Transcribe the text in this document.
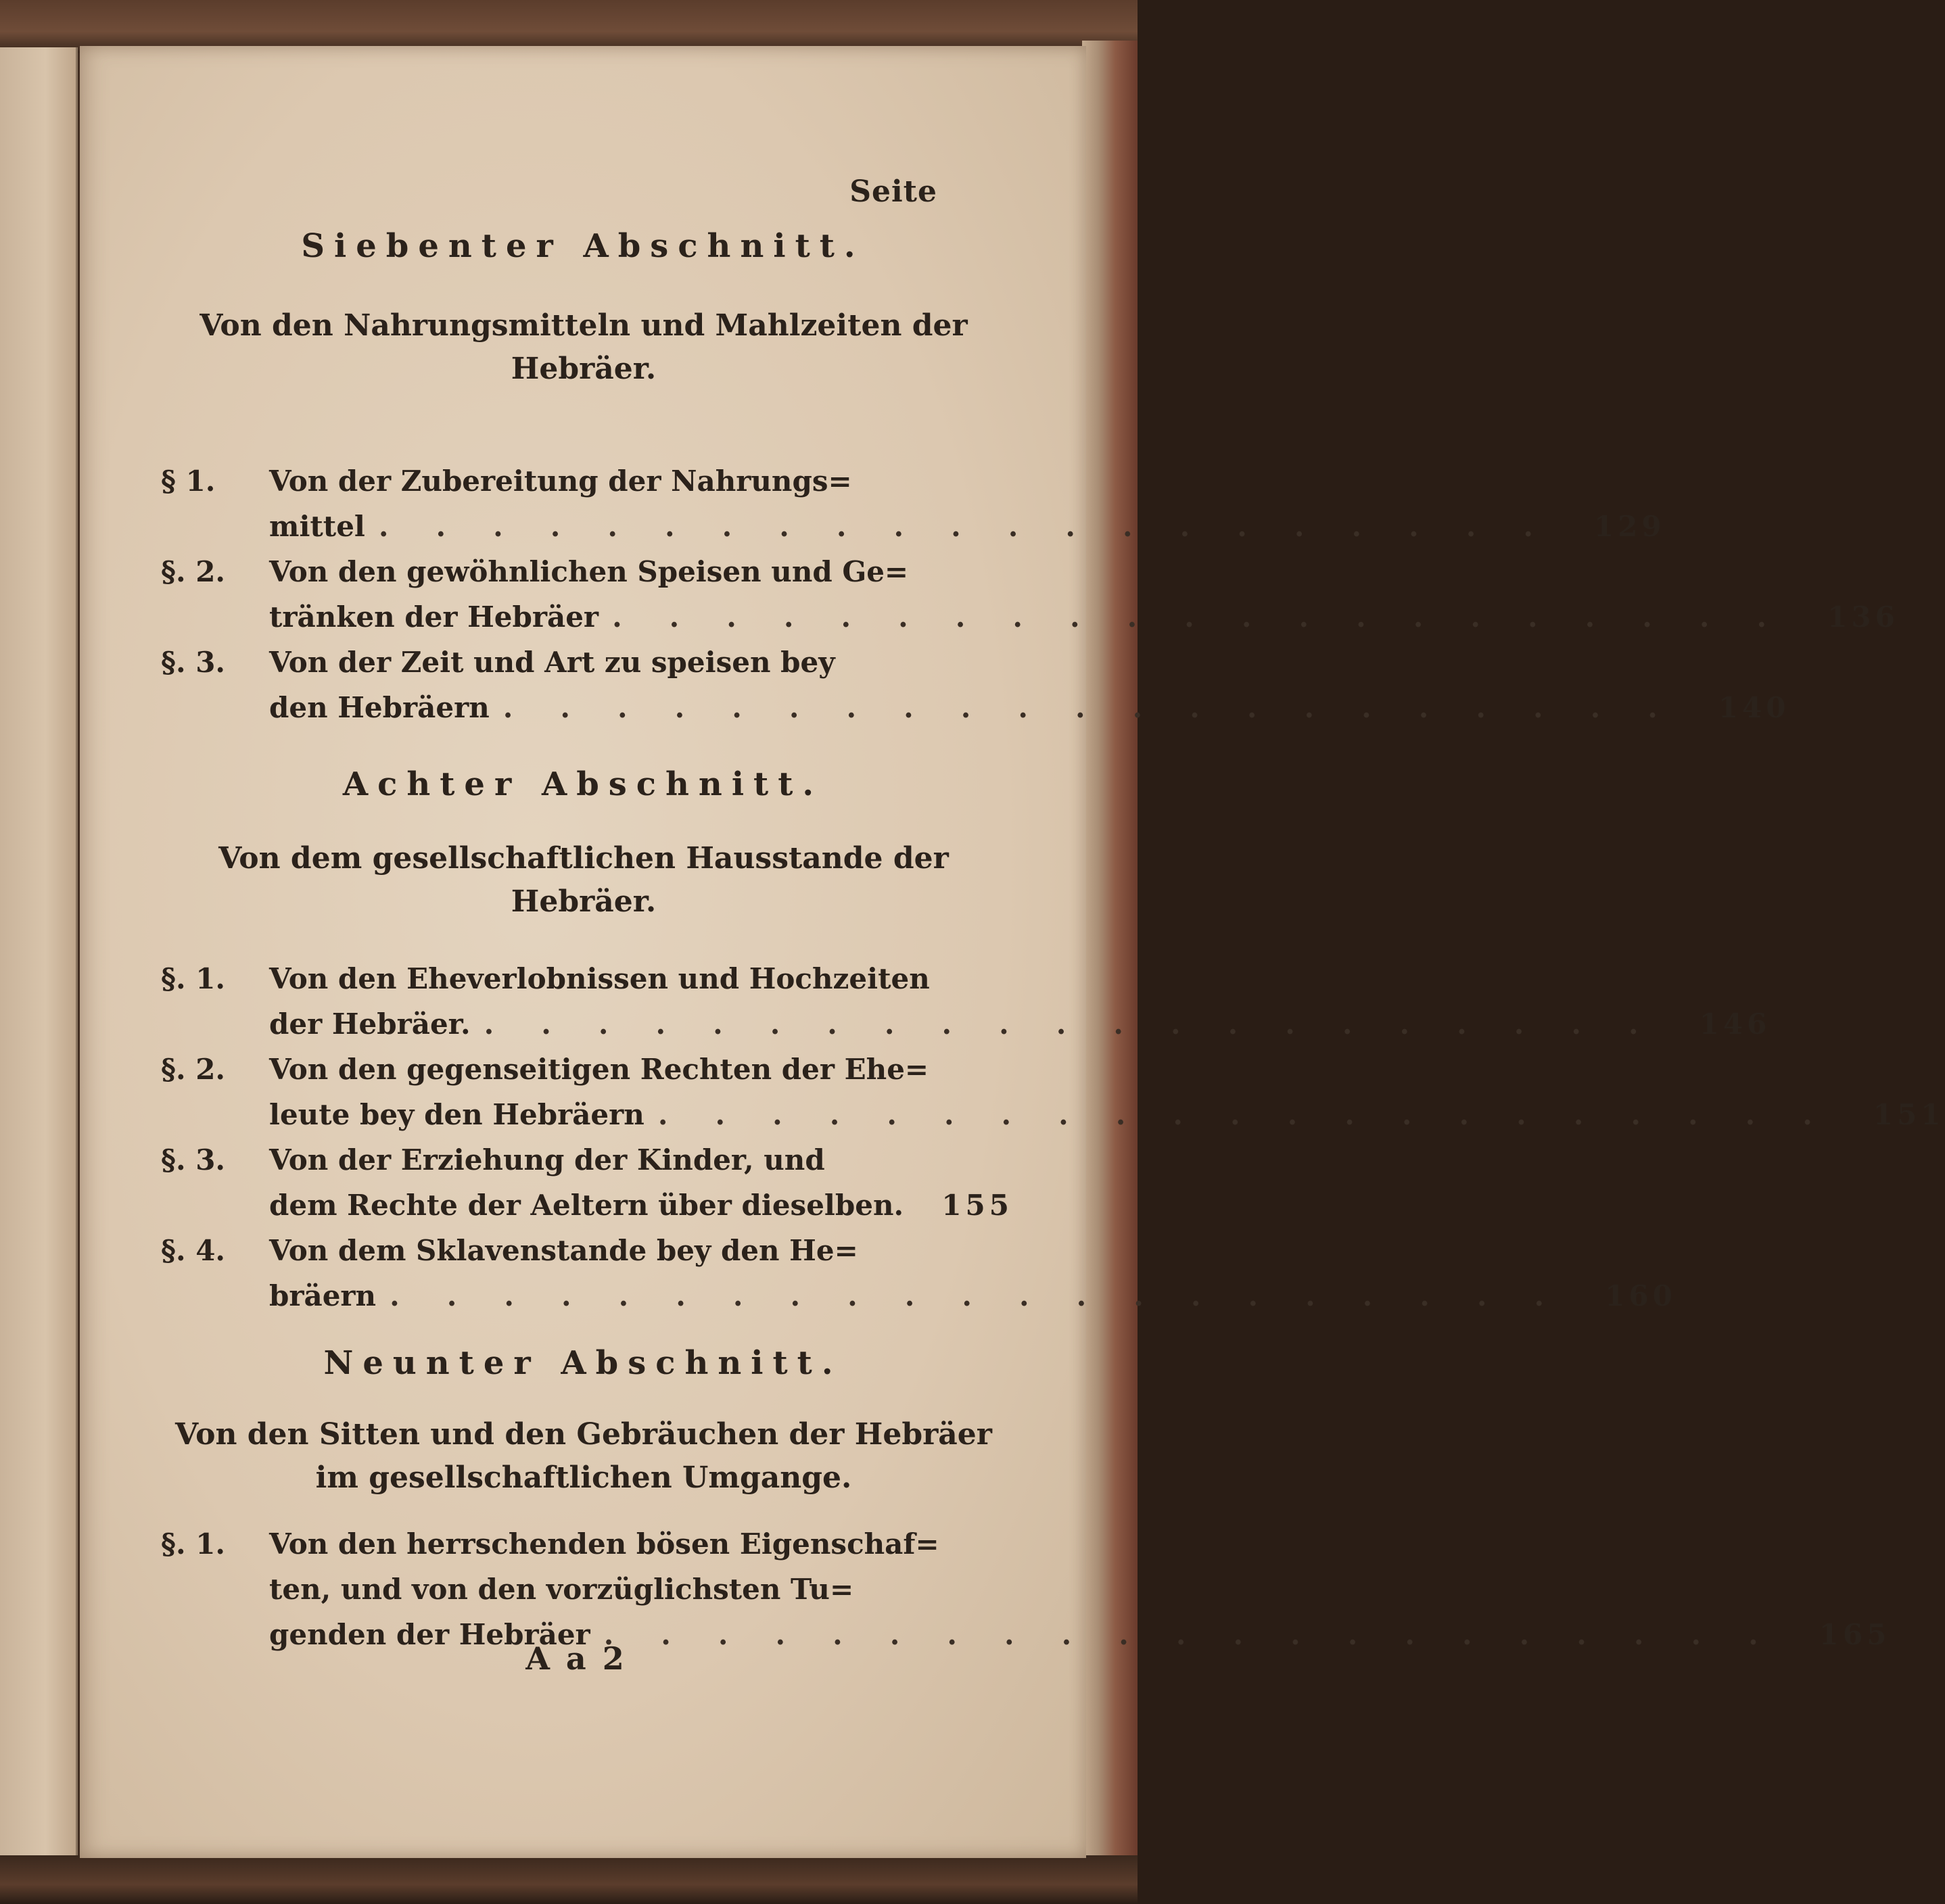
Seite
Siebenter Abschnitt.
Von den Nahrungsmitteln und Mahlzeiten der
Hebräer.
§ 1.	Von der Zubereitung der Nahrungs=
mittel ..................... 129
§. 2.	Von den gewöhnlichen Speisen und Ge=
tränken der Hebräer ..................... 136
§. 3.	Von der Zeit und Art zu speisen bey
den Hebräern ..................... 140
Achter Abschnitt.
Von dem gesellschaftlichen Hausstande der
Hebräer.
§. 1.	Von den Eheverlobnissen und Hochzeiten
der Hebräer. ..................... 146
§. 2.	Von den gegenseitigen Rechten der Ehe=
leute bey den Hebräern ..................... 151
§. 3.	Von der Erziehung der Kinder, und
dem Rechte der Aeltern über dieselben. 155
§. 4.	Von dem Sklavenstande bey den He=
bräern ..................... 160
Neunter Abschnitt.
Von den Sitten und den Gebräuchen der Hebräer
im gesellschaftlichen Umgange.
§. 1.	Von den herrschenden bösen Eigenschaf=
ten, und von den vorzüglichsten Tu=
genden der Hebräer ..................... 165
Aa2
